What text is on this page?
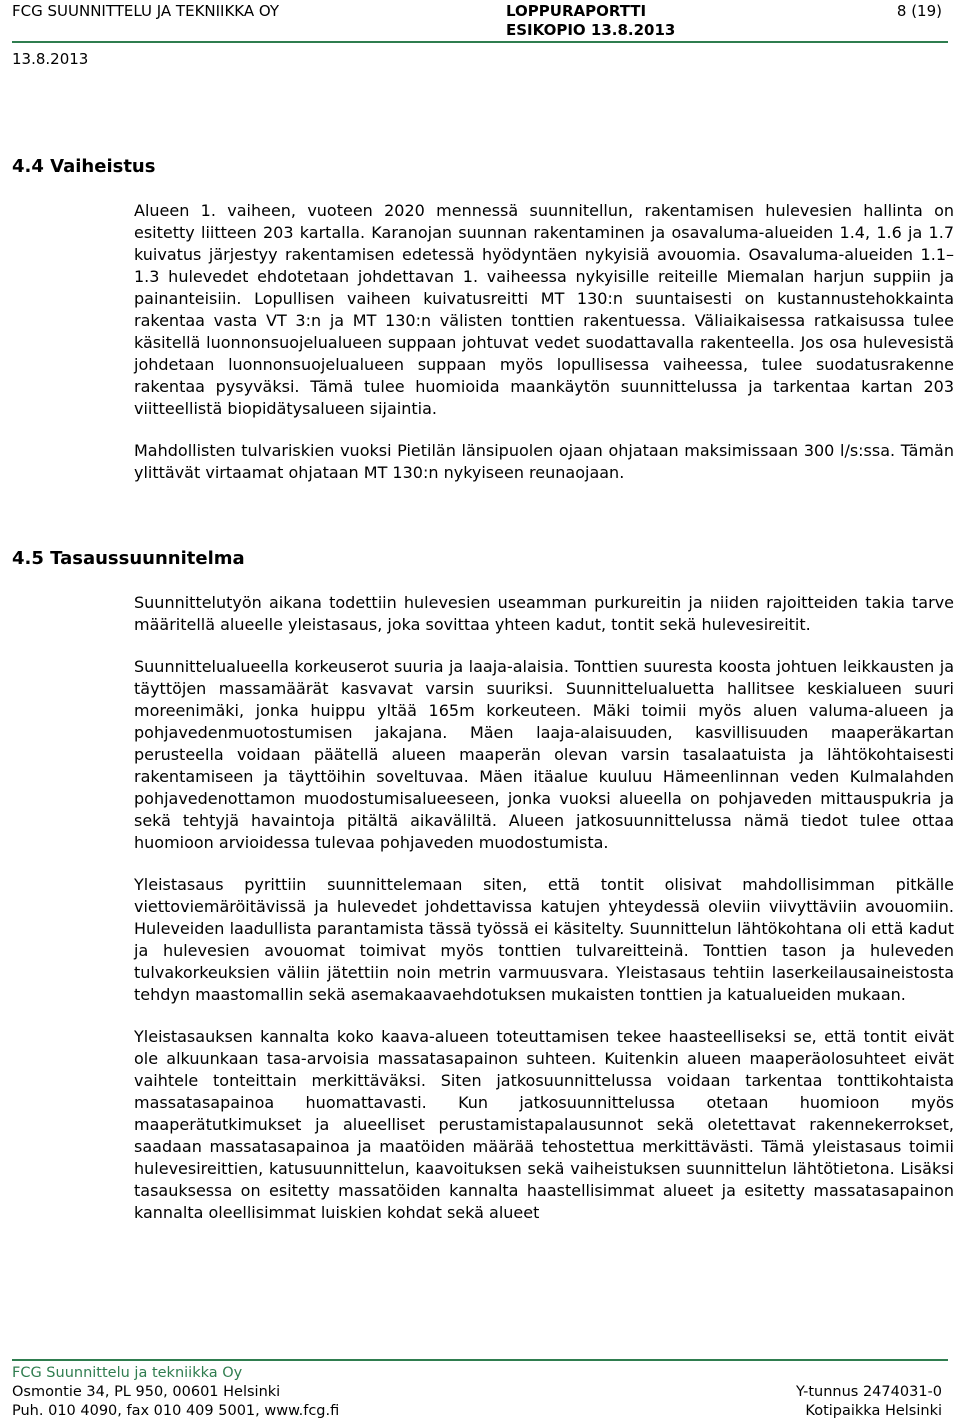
FCG SUUNNITTELU JA TEKNIIKKA OY	LOPPURAPORTTI
ESIKOPIO 13.8.2013
8 (19)
13.8.2013
4.4 Vaiheistus

Alueen 1. vaiheen, vuoteen 2020 mennessä suunnitellun, rakentamisen hulevesien hallinta on esitetty liitteen 203 kartalla. Karanojan suunnan rakentaminen ja osavaluma-alueiden 1.4, 1.6 ja 1.7 kuivatus järjestyy rakentamisen edetessä hyödyntäen nykyisiä avouomia. Osavaluma-alueiden 1.1–1.3 hulevedet ehdotetaan johdettavan 1. vaiheessa nykyisille reiteille Miemalan harjun suppiin ja painanteisiin. Lopullisen vaiheen kuivatusreitti MT 130:n suuntaisesti on kustannustehokkainta rakentaa vasta VT 3:n ja MT 130:n välisten tonttien rakentuessa. Väliaikaisessa ratkaisussa tulee käsitellä luonnonsuojelualueen suppaan johtuvat vedet suodattavalla rakenteella. Jos osa hulevesistä johdetaan luonnonsuojelualueen suppaan myös lopullisessa vaiheessa, tulee suodatusrakenne rakentaa pysyväksi. Tämä tulee huomioida maankäytön suunnittelussa ja tarkentaa kartan 203 viitteellistä biopidätysalueen sijaintia.

Mahdollisten tulvariskien vuoksi Pietilän länsipuolen ojaan ohjataan maksimissaan 300 l/s:ssa. Tämän ylittävät virtaamat ohjataan MT 130:n nykyiseen reunaojaan.

4.5 Tasaussuunnitelma

Suunnittelutyön aikana todettiin hulevesien useamman purkureitin ja niiden rajoitteiden takia tarve määritellä alueelle yleistasaus, joka sovittaa yhteen kadut, tontit sekä hulevesireitit.

Suunnittelualueella korkeuserot suuria ja laaja-alaisia. Tonttien suuresta koosta johtuen leikkausten ja täyttöjen massamäärät kasvavat varsin suuriksi. Suunnittelualuetta hallitsee keskialueen suuri moreenimäki, jonka huippu yltää 165m korkeuteen. Mäki toimii myös aluen valuma-alueen ja pohjavedenmuotostumisen jakajana. Mäen laaja-alaisuuden, kasvillisuuden maaperäkartan perusteella voidaan päätellä alueen maaperän olevan varsin tasalaatuista ja lähtökohtaisesti rakentamiseen ja täyttöihin soveltuvaa. Mäen itäalue kuuluu Hämeenlinnan veden Kulmalahden pohjavedenottamon muodostumisalueeseen, jonka vuoksi alueella on pohjaveden mittauspukria ja sekä tehtyjä havaintoja pitältä aikaväliltä. Alueen jatkosuunnittelussa nämä tiedot tulee ottaa huomioon arvioidessa tulevaa pohjaveden muodostumista.

Yleistasaus pyrittiin suunnittelemaan siten, että tontit olisivat mahdollisimman pitkälle viettoviemäröitävissä ja hulevedet johdettavissa katujen yhteydessä oleviin viivyttäviin avouomiin. Huleveiden laadullista parantamista tässä työssä ei käsitelty. Suunnittelun lähtökohtana oli että kadut ja hulevesien avouomat toimivat myös tonttien tulvareitteinä. Tonttien tason ja huleveden tulvakorkeuksien väliin jätettiin noin metrin varmuusvara. Yleistasaus tehtiin laserkeilausaineistosta tehdyn maastomallin sekä asemakaavaehdotuksen mukaisten tonttien ja katualueiden mukaan.

Yleistasauksen kannalta koko kaava-alueen toteuttamisen tekee haasteelliseksi se, että tontit eivät ole alkuunkaan tasa-arvoisia massatasapainon suhteen. Kuitenkin alueen maaperäolosuhteet eivät vaihtele tonteittain merkittäväksi. Siten jatkosuunnittelussa voidaan tarkentaa tonttikohtaista massatasapainoa huomattavasti. Kun jatkosuunnittelussa otetaan huomioon myös maaperätutkimukset ja alueelliset perustamistapalausunnot sekä oletettavat rakennekerrokset, saadaan massatasapainoa ja maatöiden määrää tehostettua merkittävästi. Tämä yleistasaus toimii hulevesireittien, katusuunnittelun, kaavoituksen sekä vaiheistuksen suunnittelun lähtötietona. Lisäksi tasauksessa on esitetty massatöiden kannalta haastellisimmat alueet ja esitetty massatasapainon kannalta oleellisimmat luiskien kohdat sekä alueet

FCG Suunnittelu ja tekniikka Oy
Osmontie 34, PL 950, 00601 Helsinki	Y-tunnus 2474031-0
Puh. 010 4090, fax 010 409 5001, www.fcg.fi	Kotipaikka Helsinki
